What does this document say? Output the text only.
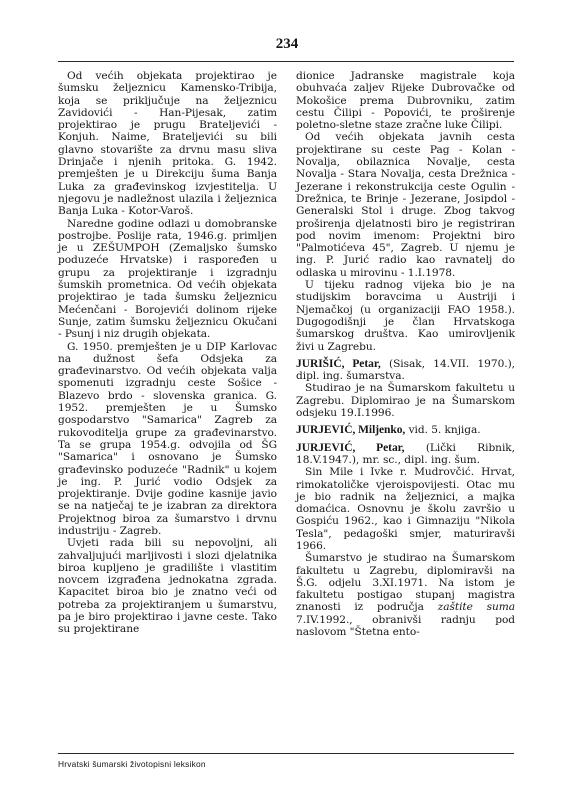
234

Od većih objekata projektirao je šumsku željeznicu Kamensko-Tribija, koja se priključuje na željeznicu Zavidovići - Han-Pijesak, zatim projektirao je prugu Bratelјevići - Konjuh. Naime, Bratelјevići su bili glavno stovarište za drvnu masu sliva Drinjače i njenih pritoka. G. 1942. premješten je u Direkciju šuma Banja Luka za građevinskog izvjestitelja. U njegovu je nadležnost ulazila i željeznica Banja Luka - Kotor-Varoš.

Naredne godine odlazi u domobranske postrojbe. Poslije rata, 1946.g. primljen je u ZEŠUMPOH (Zemaljsko šumsko poduzeće Hrvatske) i raspoređen u grupu za projektiranje i izgradnju šumskih prometnica. Od većih objekata projektirao je tada šumsku željeznicu Mećenčani - Borojevići dolinom rijeke Sunje, zatim šumsku željeznicu Okučani - Psunj i niz drugih objekata.

G. 1950. premješten je u DIP Karlovac na dužnost šefa Odsjeka za građevinarstvo. Od većih objekata valja spomenuti izgradnju ceste Sošice - Blazevo brdo - slovenska granica. G. 1952. premješten je u Šumsko gospodarstvo "Samarica" Zagreb za rukovoditelja grupe za građevinarstvo. Ta se grupa 1954.g. odvojila od ŠG "Samarica" i osnovano je Šumsko građevinsko poduzeće "Radnik" u kojem je ing. P. Jurić vodio Odsjek za projektiranje. Dvije godine kasnije javio se na natječaj te je izabran za direktora Projektnog biroa za šumarstvo i drvnu industriju - Zagreb.

Uvjeti rada bili su nepovoljni, ali zahvaljujući marljivosti i slozi djelatnika biroa kupljeno je gradilište i vlastitim novcem izgrađena jednokatna zgrada. Kapacitet biroa bio je znatno veći od potreba za projektiranjem u šumarstvu, pa je biro projektirao i javne ceste. Tako su projektirane

dionice Jadranske magistrale koja obuhvaća zaljev Rijeke Dubrovačke od Mokošice prema Dubrovniku, zatim cestu Čilipi - Popovići, te proširenje poletno-sletne staze zračne luke Čilipi.

Od većih objekata javnih cesta projektirane su ceste Pag - Kolan - Novalja, obilaznica Novalje, cesta Novalja - Stara Novalja, cesta Drežnica - Jezerane i rekonstrukcija ceste Ogulin - Drežnica, te Brinje - Jezerane, Josipdol - Generalski Stol i druge. Zbog takvog proširenja djelatnosti biro je registriran pod novim imenom: Projektni biro "Palmotićeva 45", Zagreb. U njemu je ing. P. Jurić radio kao ravnatelj do odlaska u mirovinu - 1.I.1978.

U tijeku radnog vijeka bio je na studijskim boravcima u Austriji i Njemačkoj (u organizaciji FAO 1958.). Dugogodišnji je član Hrvatskoga šumarskog društva. Kao umirovljenik živi u Zagrebu.

JURIŠIĆ, Petar, (Sisak, 14.VII. 1970.), dipl. ing. šumarstva.

Studirao je na Šumarskom fakultetu u Zagrebu. Diplomirao je na Šumarskom odsjeku 19.I.1996.

JURJEVIĆ, Miljenko, vid. 5. knjiga.

JURJEVIĆ, Petar, (Lički Ribnik, 18.V.1947.), mr. sc., dipl. ing. šum.

Sin Mile i Ivke r. Mudrovčić. Hrvat, rimokatoličke vjeroispovijesti. Otac mu je bio radnik na željeznici, a majka domaćica. Osnovnu je školu završio u Gospiću 1962., kao i Gimnaziju "Nikola Tesla", pedagoški smjer, maturiravši 1966.

Šumarstvo je studirao na Šumarskom fakultetu u Zagrebu, diplomiravši na Š.G. odjelu 3.XI.1971. Na istom je fakultetu postigao stupanj magistra znanosti iz područja zaštite suma 7.IV.1992., obranivši radnju pod naslovom "Štetna ento-

Hrvatski šumarski životopisni leksikon
